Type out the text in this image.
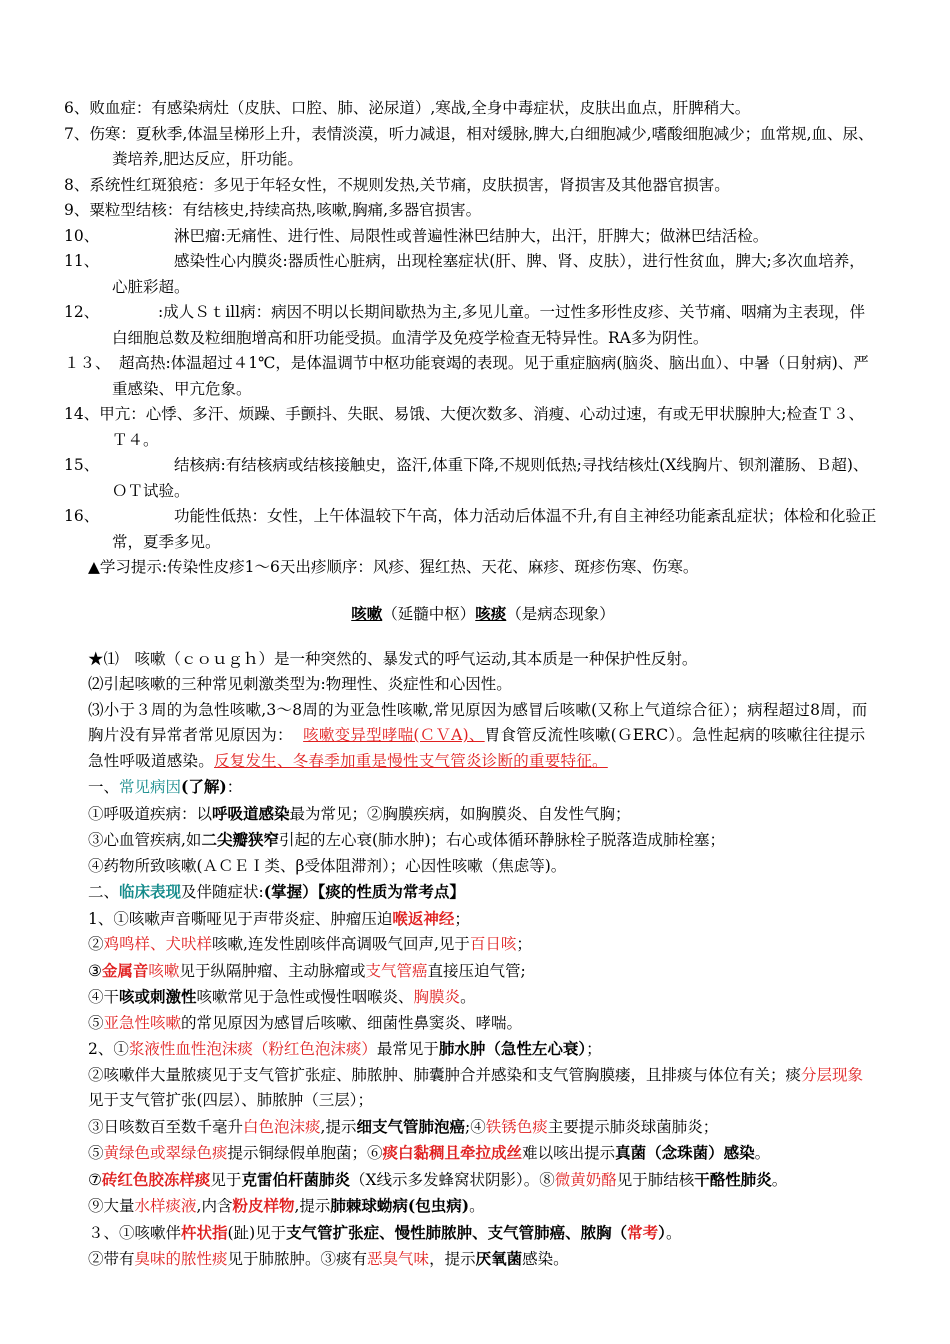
6、败血症：有感染病灶（皮肤、口腔、肺、泌尿道）,寒战,全身中毒症状，皮肤出血点，肝脾稍大。

7、伤寒：夏秋季,体温呈梯形上升，表情淡漠，听力减退，相对缓脉,脾大,白细胞减少,嗜酸细胞减少；血常规,血、尿、粪培养,肥达反应，肝功能。

8、系统性红斑狼疮：多见于年轻女性，不规则发热,关节痛，皮肤损害，肾损害及其他器官损害。

9、粟粒型结核：有结核史,持续高热,咳嗽,胸痛,多器官损害。

10、	淋巴瘤:无痛性、进行性、局限性或普遍性淋巴结肿大，出汗，肝脾大；做淋巴结活检。

11、	感染性心内膜炎:器质性心脏病，出现栓塞症状(肝、脾、肾、皮肤），进行性贫血，脾大;多次血培养，心脏彩超。

12、	:成人Ｓｔill病：病因不明以长期间歇热为主,多见儿童。一过性多形性皮疹、关节痛、咽痛为主表现，伴白细胞总数及粒细胞增高和肝功能受损。血清学及免疫学检查无特异性。RA多为阴性。

１３、 超高热:体温超过４1℃，是体温调节中枢功能衰竭的表现。见于重症脑病(脑炎、脑出血）、中暑（日射病)、严重感染、甲亢危象。

14、甲亢：心悸、多汗、烦躁、手颤抖、失眠、易饿、大便次数多、消瘦、心动过速，有或无甲状腺肿大;检查Ｔ３、Ｔ４。

15、	结核病:有结核病或结核接触史，盗汗,体重下降,不规则低热;寻找结核灶(X线胸片、钡剂灌肠、Ｂ超)、ＯＴ试验。

16、	功能性低热：女性，上午体温较下午高，体力活动后体温不升,有自主神经功能紊乱症状；体检和化验正常，夏季多见。

▲学习提示:传染性皮疹1～6天出疹顺序：风疹、猩红热、天花、麻疹、斑疹伤寒、伤寒。

咳嗽（延髓中枢）咳痰（是病态现象）

★⑴　咳嗽（ｃｏｕｇｈ）是一种突然的、暴发式的呼气运动,其本质是一种保护性反射。

⑵引起咳嗽的三种常见刺激类型为:物理性、炎症性和心因性。

⑶小于３周的为急性咳嗽,3～8周的为亚急性咳嗽,常见原因为感冒后咳嗽(又称上气道综合征）；病程超过8周，而胸片没有异常者常见原因为： 咳嗽变异型哮喘(ＣＶA)、胃食管反流性咳嗽(ＧERC）。急性起病的咳嗽往往提示急性呼吸道感染。反复发生、冬春季加重是慢性支气管炎诊断的重要特征。

一、常见病因(了解)：

①呼吸道疾病：以呼吸道感染最为常见；②胸膜疾病，如胸膜炎、自发性气胸；

③心血管疾病,如二尖瓣狭窄引起的左心衰(肺水肿)；右心或体循环静脉栓子脱落造成肺栓塞；

④药物所致咳嗽(ＡＣＥＩ类、β受体阻滞剂）；心因性咳嗽（焦虑等)。

二、临床表现及伴随症状:(掌握）【痰的性质为常考点】

1、①咳嗽声音嘶哑见于声带炎症、肿瘤压迫喉返神经；

②鸡鸣样、犬吠样咳嗽,连发性剧咳伴高调吸气回声,见于百日咳；

③金属音咳嗽见于纵隔肿瘤、主动脉瘤或支气管癌直接压迫气管;

④干咳或刺激性咳嗽常见于急性或慢性咽喉炎、胸膜炎。

⑤亚急性咳嗽的常见原因为感冒后咳嗽、细菌性鼻窦炎、哮喘。

2、①浆液性血性泡沫痰（粉红色泡沫痰）最常见于肺水肿（急性左心衰）；

②咳嗽伴大量脓痰见于支气管扩张症、肺脓肿、肺囊肿合并感染和支气管胸膜瘘，且排痰与体位有关；痰分层现象见于支气管扩张(四层）、肺脓肿（三层）；

③日咳数百至数千毫升白色泡沫痰,提示细支气管肺泡癌;④铁锈色痰主要提示肺炎球菌肺炎；

⑤黄绿色或翠绿色痰提示铜绿假单胞菌；⑥痰白黏稠且牵拉成丝难以咳出提示真菌（念珠菌）感染。

⑦砖红色胶冻样痰见于克雷伯杆菌肺炎（X线示多发蜂窝状阴影）。⑧微黄奶酪见于肺结核干酪性肺炎。

⑨大量水样痰液,内含粉皮样物,提示肺棘球蚴病(包虫病)。

３、①咳嗽伴杵状指(趾)见于支气管扩张症、慢性肺脓肿、支气管肺癌、脓胸（常考）。

②带有臭味的脓性痰见于肺脓肿。③痰有恶臭气味，提示厌氧菌感染。
